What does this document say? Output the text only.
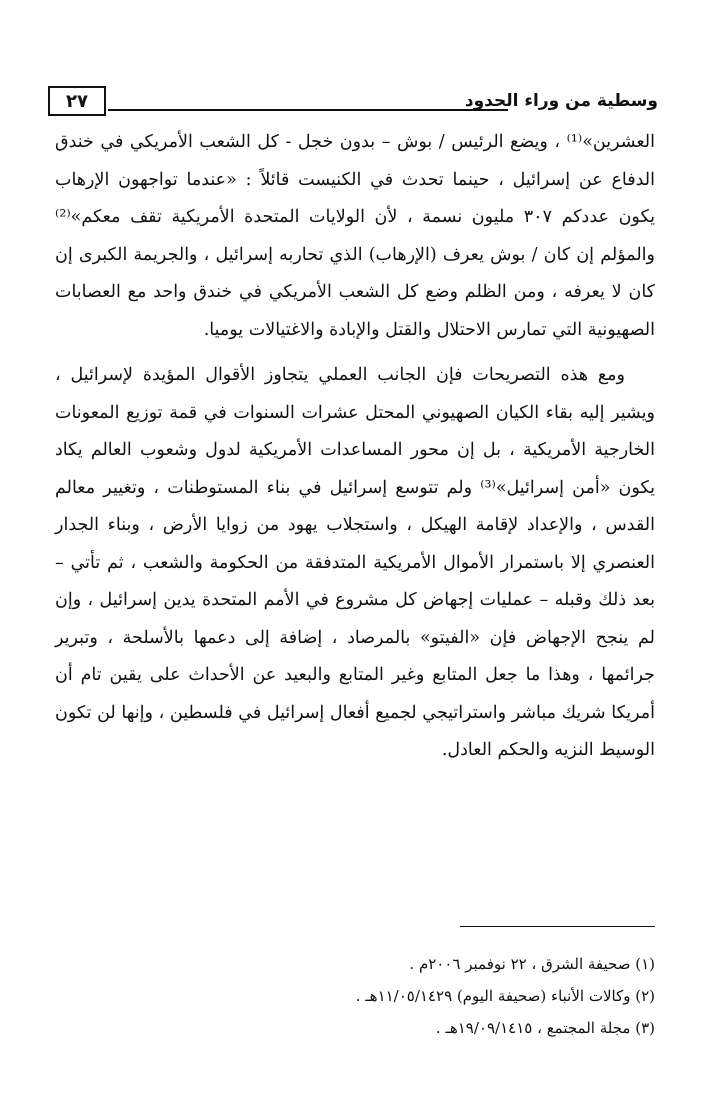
٢٧	وسطية من وراء الحدود

العشرين»⁽¹⁾ ، ويضع الرئيس / بوش – بدون خجل - كل الشعب الأمريكي في خندق الدفاع عن إسرائيل ، حينما تحدث في الكنيست قائلاً : «عندما تواجهون الإرهاب يكون عددكم ٣٠٧ مليون نسمة ، لأن الولايات المتحدة الأمريكية تقف معكم»⁽²⁾ والمؤلم إن كان / بوش يعرف (الإرهاب) الذي تحاربه إسرائيل ، والجريمة الكبرى إن كان لا يعرفه ، ومن الظلم وضع كل الشعب الأمريكي في خندق واحد مع العصابات الصهيونية التي تمارس الاحتلال والقتل والإبادة والاغتيالات يوميا.

ومع هذه التصريحات فإن الجانب العملي يتجاوز الأقوال المؤيدة لإسرائيل ، ويشير إليه بقاء الكيان الصهيوني المحتل عشرات السنوات في قمة توزيع المعونات الخارجية الأمريكية ، بل إن محور المساعدات الأمريكية لدول وشعوب العالم يكاد يكون «أمن إسرائيل»⁽³⁾ ولم تتوسع إسرائيل في بناء المستوطنات ، وتغيير معالم القدس ، والإعداد لإقامة الهيكل ، واستجلاب يهود من زوايا الأرض ، وبناء الجدار العنصري إلا باستمرار الأموال الأمريكية المتدفقة من الحكومة والشعب ، ثم تأتي – بعد ذلك وقبله – عمليات إجهاض كل مشروع في الأمم المتحدة يدين إسرائيل ، وإن لم ينجح الإجهاض فإن «الفيتو» بالمرصاد ، إضافة إلى دعمها بالأسلحة ، وتبرير جرائمها ، وهذا ما جعل المتابع وغير المتابع والبعيد عن الأحداث على يقين تام أن أمريكا شريك مباشر واستراتيجي لجميع أفعال إسرائيل في فلسطين ، وإنها لن تكون الوسيط النزيه والحكم العادل.

(١) صحيفة الشرق ، ٢٢ نوفمبر ٢٠٠٦م .

(٢) وكالات الأنباء (صحيفة اليوم) ١١/٠٥/١٤٢٩هـ .

(٣) مجلة المجتمع ، ١٩/٠٩/١٤١٥هـ .
